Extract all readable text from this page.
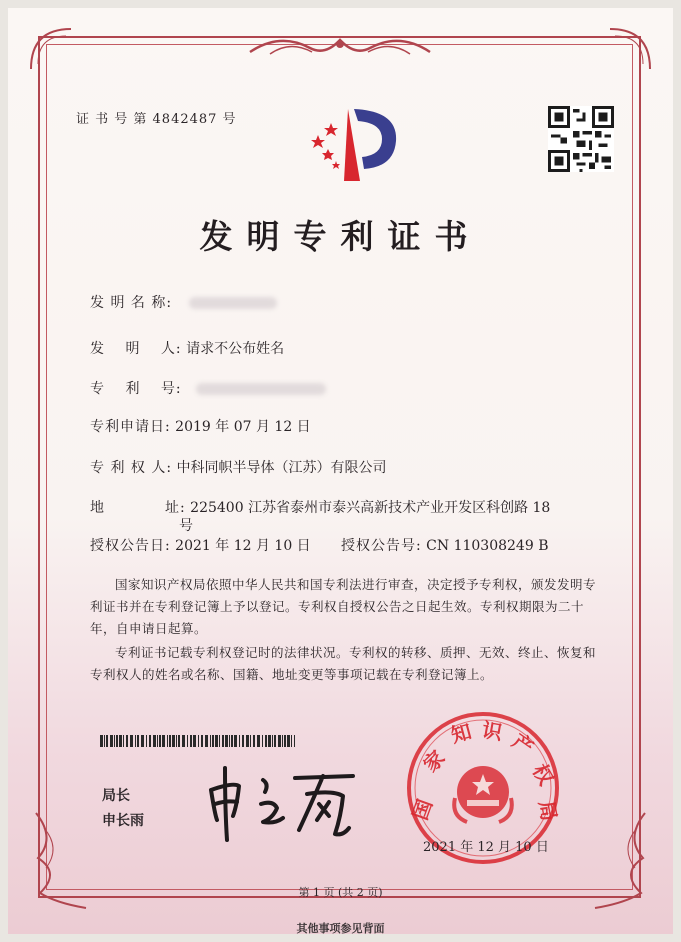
证 书 号 第 4842487 号
发明专利证书
发 明 名 称:
发　 明　 人: 请求不公布姓名
专　 利　 号:
专利申请日: 2019 年 07 月 12 日
专 利 权 人: 中科同帜半导体（江苏）有限公司
地　　　　址: 225400 江苏省泰州市泰兴高新技术产业开发区科创路 18
号
授权公告日: 2021 年 12 月 10 日 授权公告号: CN 110308249 B
国家知识产权局依照中华人民共和国专利法进行审查，决定授予专利权，颁发发明专利证书并在专利登记簿上予以登记。专利权自授权公告之日起生效。专利权期限为二十年，自申请日起算。
专利证书记载专利权登记时的法律状况。专利权的转移、质押、无效、终止、恢复和专利权人的姓名或名称、国籍、地址变更等事项记载在专利登记簿上。
局长
申长雨	国
家
知 识 产
权
局
2021 年 12 月 10 日
第 1 页 (共 2 页)
其他事项参见背面
